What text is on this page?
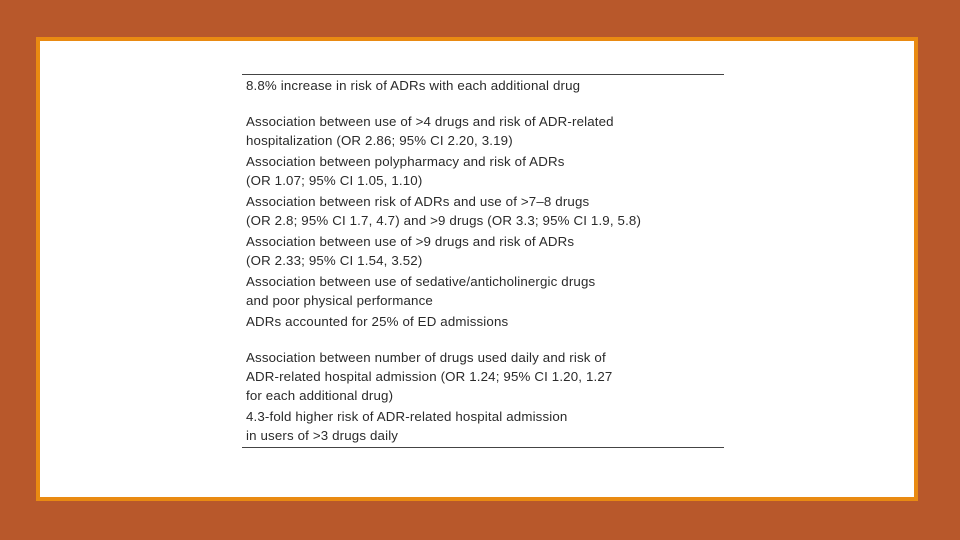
8.8% increase in risk of ADRs with each additional drug
Association between use of >4 drugs and risk of ADR-related
hospitalization (OR 2.86; 95% CI 2.20, 3.19)
Association between polypharmacy and risk of ADRs
(OR 1.07; 95% CI 1.05, 1.10)
Association between risk of ADRs and use of >7–8 drugs
(OR 2.8; 95% CI 1.7, 4.7) and >9 drugs (OR 3.3; 95% CI 1.9, 5.8)
Association between use of >9 drugs and risk of ADRs
(OR 2.33; 95% CI 1.54, 3.52)
Association between use of sedative/anticholinergic drugs
and poor physical performance
ADRs accounted for 25% of ED admissions
Association between number of drugs used daily and risk of
ADR-related hospital admission (OR 1.24; 95% CI 1.20, 1.27
for each additional drug)
4.3-fold higher risk of ADR-related hospital admission
in users of >3 drugs daily
